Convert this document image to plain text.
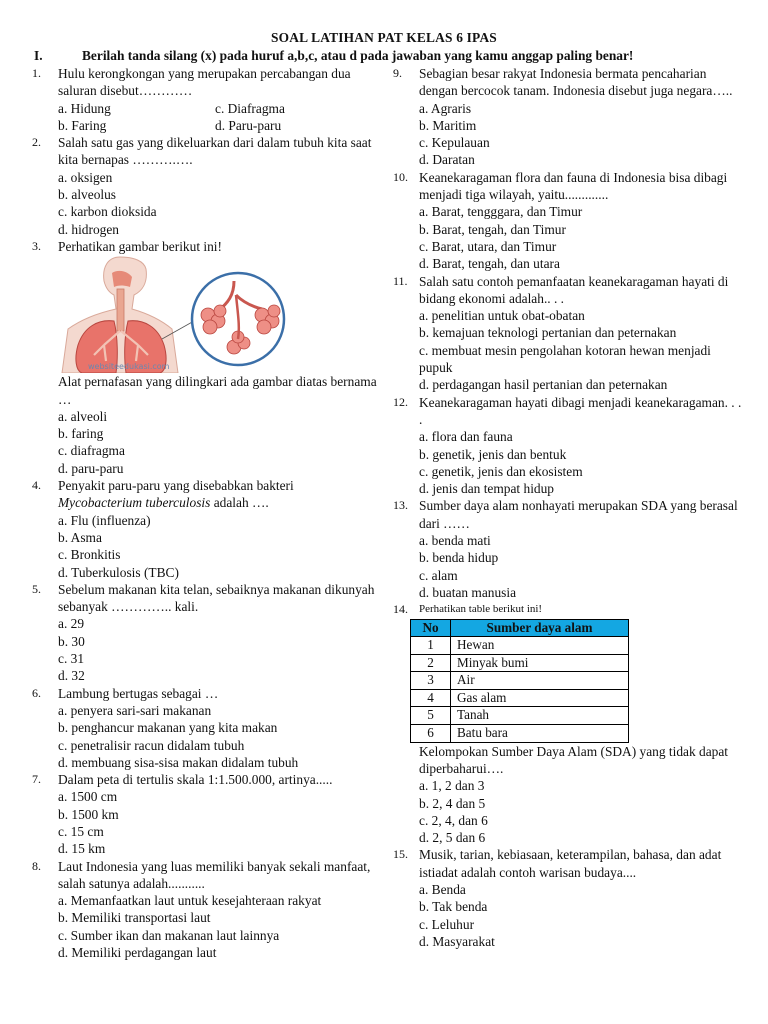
SOAL LATIHAN PAT KELAS 6 IPAS
I.	Berilah tanda silang (x) pada huruf a,b,c, atau d pada jawaban yang kamu anggap paling benar!
1.	Hulu kerongkongan yang merupakan percabangan dua saluran disebut…………
a. Hidung	c. Diafragma
b. Faring	d. Paru-paru
2.	Salah satu gas yang dikeluarkan dari dalam tubuh kita saat kita bernapas ……….….
a. oksigen
b. alveolus
c. karbon dioksida
d. hidrogen
3.	Perhatikan gambar berikut ini!
websiteedukasi.com
Alat pernafasan yang dilingkari ada gambar diatas bernama …
a. alveoli
b. faring
c. diafragma
d. paru-paru
4.	Penyakit paru-paru yang disebabkan bakteri
Mycobacterium tuberculosis adalah ….
a. Flu (influenza)
b. Asma
c. Bronkitis
d. Tuberkulosis (TBC)
5.	Sebelum makanan kita telan, sebaiknya makanan dikunyah sebanyak ………….. kali.
a. 29
b. 30
c. 31
d. 32
6.	Lambung bertugas sebagai …
a. penyera sari-sari makanan
b. penghancur makanan yang kita makan
c. penetralisir racun didalam tubuh
d. membuang sisa-sisa makan didalam tubuh
7.	Dalam peta di tertulis skala 1:1.500.000, artinya.....
a. 1500 cm
b. 1500 km
c. 15 cm
d. 15 km
8.	Laut Indonesia yang luas memiliki banyak sekali manfaat, salah satunya adalah...........
a. Memanfaatkan laut untuk kesejahteraan rakyat
b. Memiliki transportasi laut
c. Sumber ikan dan makanan laut lainnya
d. Memiliki perdagangan laut
9.	Sebagian besar rakyat Indonesia bermata pencaharian dengan bercocok tanam. Indonesia disebut juga negara…..
a. Agraris
b. Maritim
c. Kepulauan
d. Daratan
10. Keanekaragaman flora dan fauna di Indonesia bisa dibagi menjadi tiga wilayah, yaitu.............
a. Barat, tengggara, dan Timur
b. Barat, tengah, dan Timur
c. Barat, utara, dan Timur
d. Barat, tengah, dan utara
11. Salah satu contoh pemanfaatan keanekaragaman hayati di bidang ekonomi adalah.. . .
a. penelitian untuk obat-obatan
b. kemajuan teknologi pertanian dan peternakan
c. membuat mesin pengolahan kotoran hewan menjadi pupuk
d. perdagangan hasil pertanian dan peternakan
12. Keanekaragaman hayati dibagi menjadi keanekaragaman. . . .
a. flora dan fauna
b. genetik, jenis dan bentuk
c. genetik, jenis dan ekosistem
d. jenis dan tempat hidup
13. Sumber daya alam nonhayati merupakan SDA yang berasal dari ……
a. benda mati
b. benda hidup
c. alam
d. buatan manusia
14.	Perhatikan table berikut ini!
No	Sumber daya alam
1	Hewan
2	Minyak bumi
3	Air
4	Gas alam
5	Tanah
6	Batu bara
Kelompokan Sumber Daya Alam (SDA) yang tidak dapat diperbaharui….
a. 1, 2 dan 3
b. 2, 4 dan 5
c. 2, 4, dan 6
d. 2, 5 dan 6
15. Musik, tarian, kebiasaan, keterampilan, bahasa, dan adat istiadat adalah contoh warisan budaya....
a. Benda
b. Tak benda
c. Leluhur
d. Masyarakat
